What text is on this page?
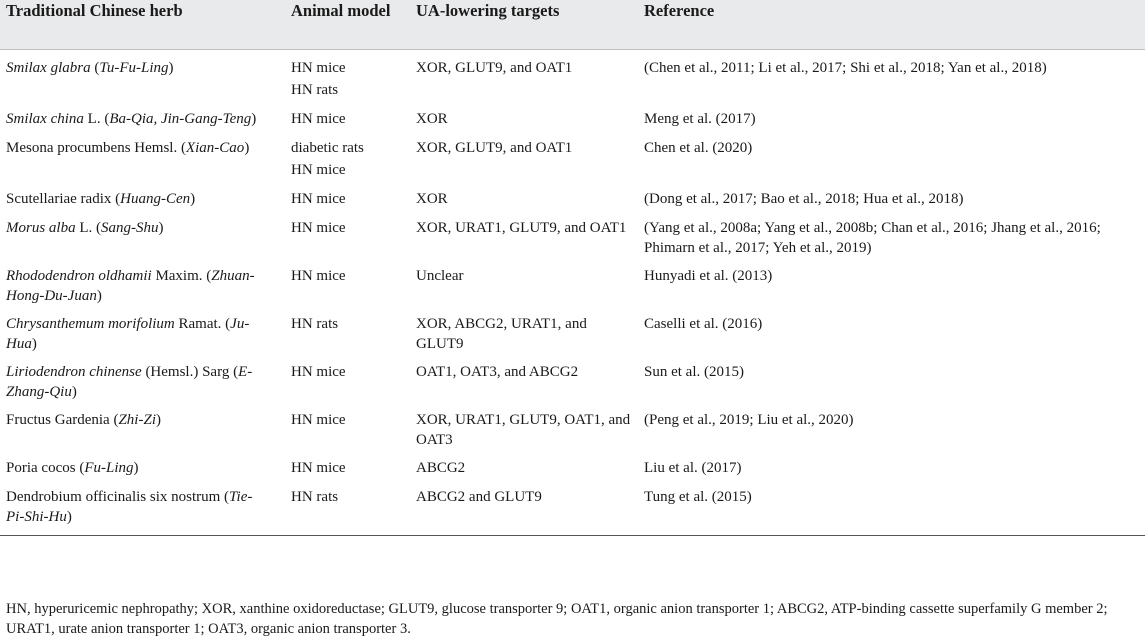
Traditional Chinese herb	Animal model	UA-lowering targets	Reference
Smilax glabra (Tu-Fu-Ling)	HN mice	XOR, GLUT9, and OAT1	(Chen et al., 2011; Li et al., 2017; Shi et al., 2018; Yan et al., 2018)
	HN rats		
Smilax china L. (Ba-Qia, Jin-Gang-Teng)	HN mice	XOR	Meng et al. (2017)
Mesona procumbens Hemsl. (Xian-Cao)	diabetic rats	XOR, GLUT9, and OAT1	Chen et al. (2020)
	HN mice		
Scutellariae radix (Huang-Cen)	HN mice	XOR	(Dong et al., 2017; Bao et al., 2018; Hua et al., 2018)
Morus alba L. (Sang-Shu)	HN mice	XOR, URAT1, GLUT9, and OAT1	(Yang et al., 2008a; Yang et al., 2008b; Chan et al., 2016; Jhang et al., 2016; Phimarn et al., 2017; Yeh et al., 2019)
Rhododendron oldhamii Maxim. (Zhuan-Hong-Du-Juan)	HN mice	Unclear	Hunyadi et al. (2013)
Chrysanthemum morifolium Ramat. (Ju-Hua)	HN rats	XOR, ABCG2, URAT1, and GLUT9	Caselli et al. (2016)
Liriodendron chinense (Hemsl.) Sarg (E-Zhang-Qiu)	HN mice	OAT1, OAT3, and ABCG2	Sun et al. (2015)
Fructus Gardenia (Zhi-Zi)	HN mice	XOR, URAT1, GLUT9, OAT1, and OAT3	(Peng et al., 2019; Liu et al., 2020)
Poria cocos (Fu-Ling)	HN mice	ABCG2	Liu et al. (2017)
Dendrobium officinalis six nostrum (Tie-Pi-Shi-Hu)	HN rats	ABCG2 and GLUT9	Tung et al. (2015)

HN, hyperuricemic nephropathy; XOR, xanthine oxidoreductase; GLUT9, glucose transporter 9; OAT1, organic anion transporter 1; ABCG2, ATP-binding cassette superfamily G member 2; URAT1, urate anion transporter 1; OAT3, organic anion transporter 3.
